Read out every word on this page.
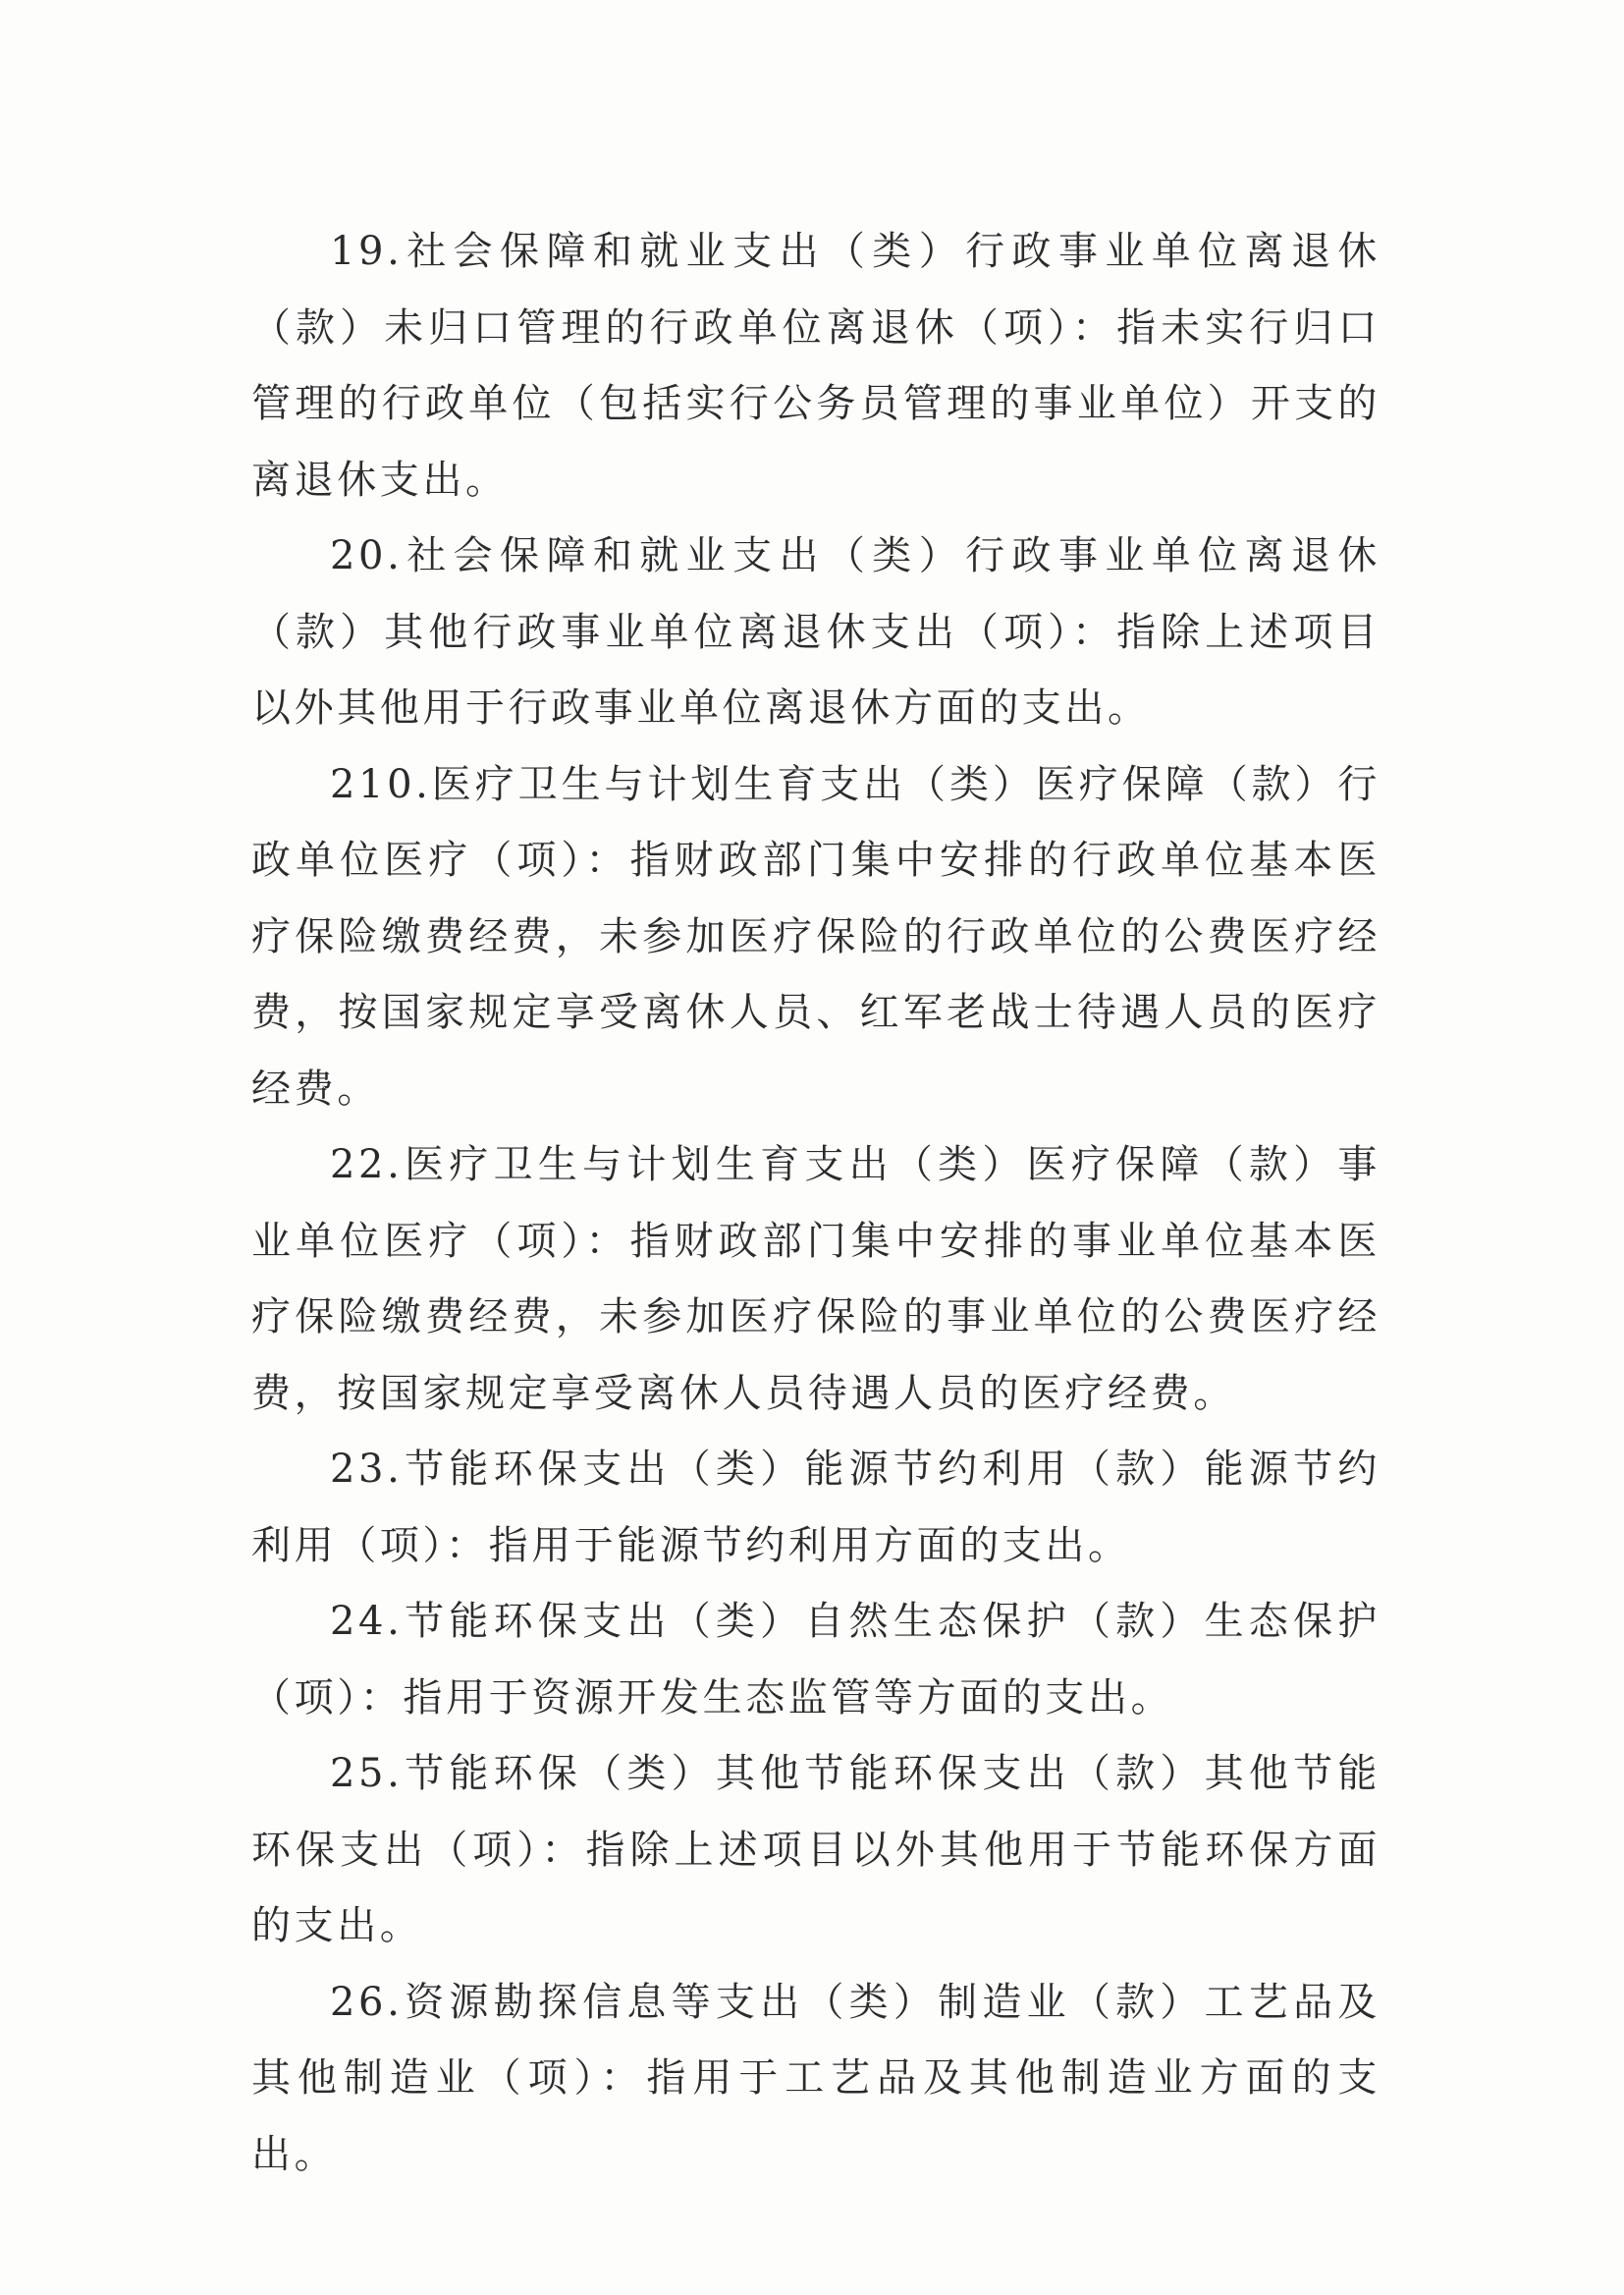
19.社会保障和就业支出（类）行政事业单位离退休（款）未归口管理的行政单位离退休（项）：指未实行归口管理的行政单位（包括实行公务员管理的事业单位）开支的离退休支出。

20.社会保障和就业支出（类）行政事业单位离退休（款）其他行政事业单位离退休支出（项）：指除上述项目以外其他用于行政事业单位离退休方面的支出。

210.医疗卫生与计划生育支出（类）医疗保障（款）行政单位医疗（项）：指财政部门集中安排的行政单位基本医疗保险缴费经费，未参加医疗保险的行政单位的公费医疗经费，按国家规定享受离休人员、红军老战士待遇人员的医疗经费。

22.医疗卫生与计划生育支出（类）医疗保障（款）事业单位医疗（项）：指财政部门集中安排的事业单位基本医疗保险缴费经费，未参加医疗保险的事业单位的公费医疗经费，按国家规定享受离休人员待遇人员的医疗经费。

23.节能环保支出（类）能源节约利用（款）能源节约利用（项）：指用于能源节约利用方面的支出。

24.节能环保支出（类）自然生态保护（款）生态保护（项）：指用于资源开发生态监管等方面的支出。

25.节能环保（类）其他节能环保支出（款）其他节能环保支出（项）：指除上述项目以外其他用于节能环保方面的支出。

26.资源勘探信息等支出（类）制造业（款）工艺品及其他制造业（项）：指用于工艺品及其他制造业方面的支出。
